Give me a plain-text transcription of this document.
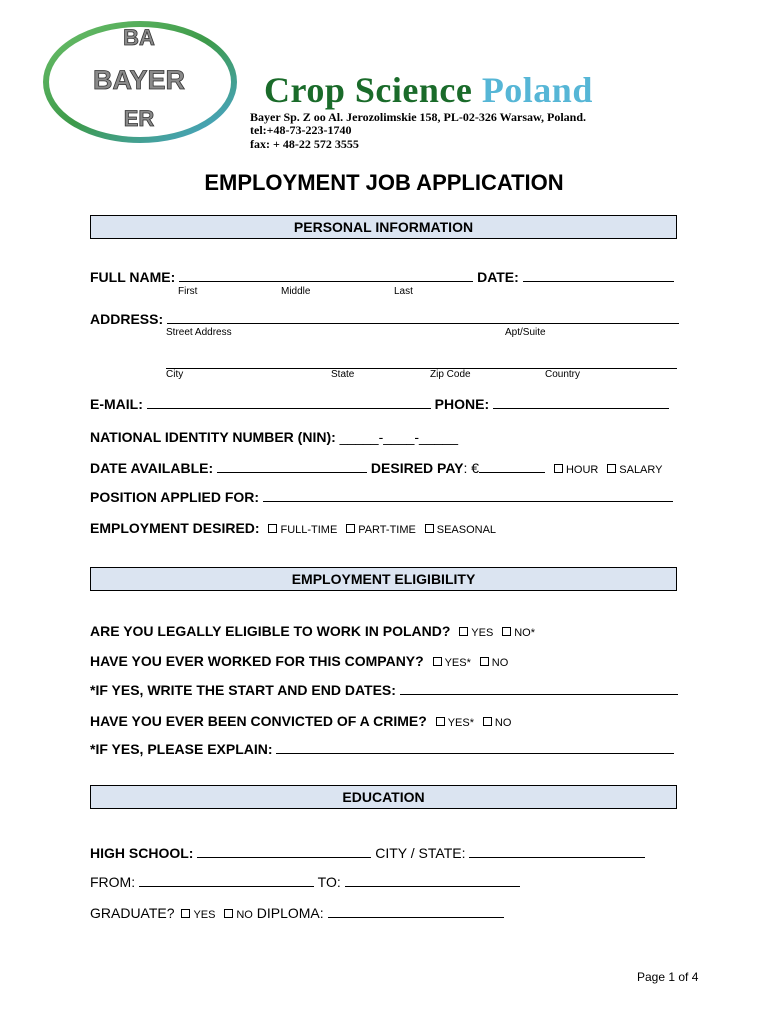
BA
BAYER
ER
Crop Science Poland
Bayer Sp. Z oo Al. Jerozolimskie 158, PL-02-326 Warsaw, Poland.
tel:+48-73-223-1740
fax: + 48-22 572 3555
EMPLOYMENT JOB APPLICATION
PERSONAL INFORMATION
FULL NAME:	DATE:
First	Middle	Last
ADDRESS:
Street Address	Apt/Suite
City	State	Zip Code	Country
E-MAIL:	PHONE:
NATIONAL IDENTITY NUMBER (NIN): _____-____-_____
DATE AVAILABLE:	DESIRED PAY: €	HOUR SALARY
POSITION APPLIED FOR:
EMPLOYMENT DESIRED: FULL-TIME PART-TIME SEASONAL
EMPLOYMENT ELIGIBILITY
ARE YOU LEGALLY ELIGIBLE TO WORK IN POLAND? YES NO*
HAVE YOU EVER WORKED FOR THIS COMPANY? YES* NO
*IF YES, WRITE THE START AND END DATES:
HAVE YOU EVER BEEN CONVICTED OF A CRIME? YES* NO
*IF YES, PLEASE EXPLAIN:
EDUCATION
HIGH SCHOOL:	CITY / STATE:
FROM:	TO:
GRADUATE? YES NO DIPLOMA:
Page 1 of 4
